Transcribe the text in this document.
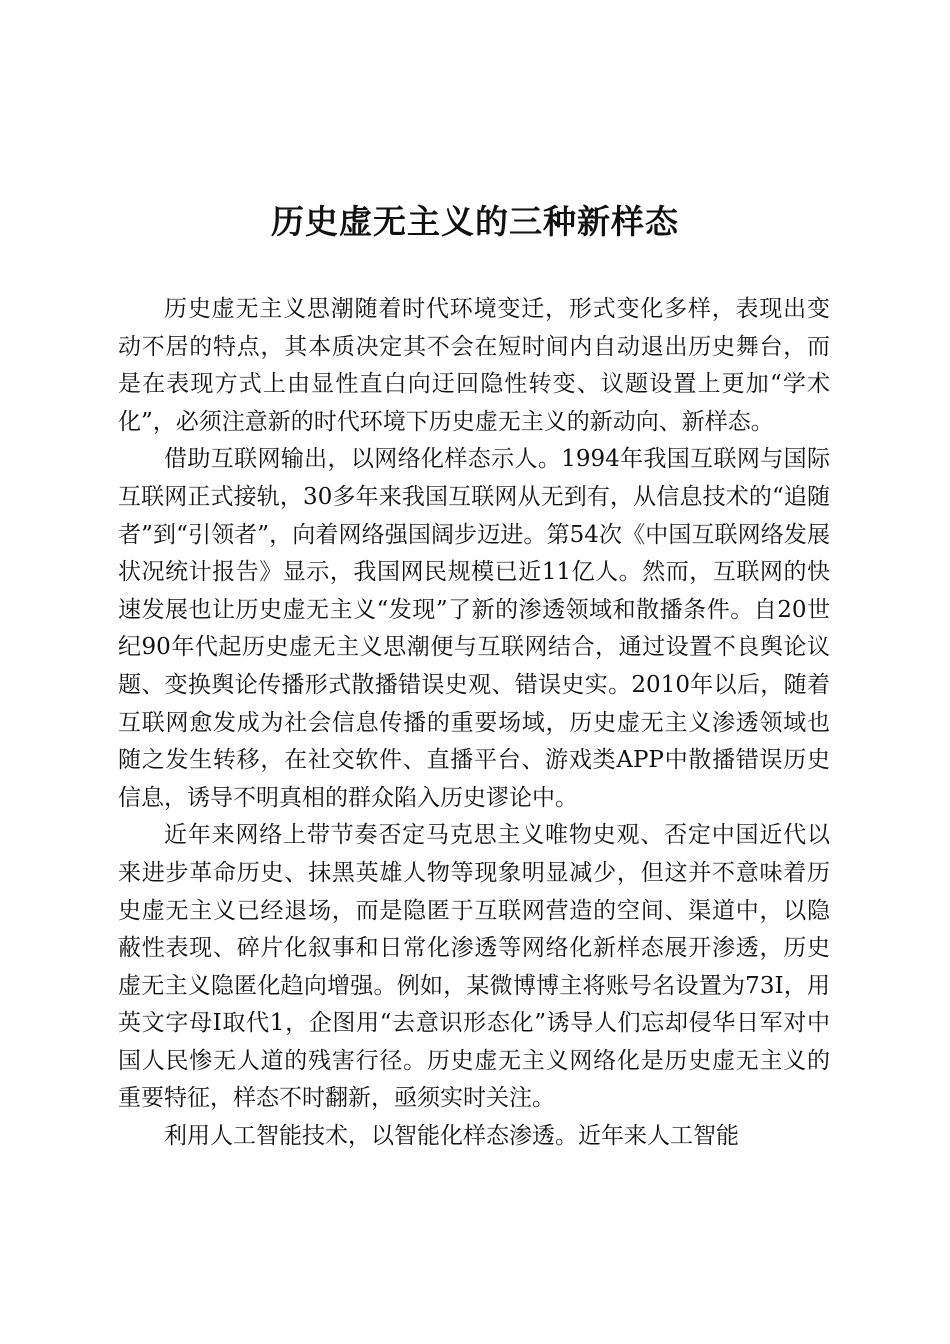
历史虚无主义的三种新样态

历史虚无主义思潮随着时代环境变迁，形式变化多样，表现出变动不居的特点，其本质决定其不会在短时间内自动退出历史舞台，而是在表现方式上由显性直白向迂回隐性转变、议题设置上更加“学术化”，必须注意新的时代环境下历史虚无主义的新动向、新样态。

借助互联网输出，以网络化样态示人。1994年我国互联网与国际互联网正式接轨，30多年来我国互联网从无到有，从信息技术的“追随者”到“引领者”，向着网络强国阔步迈进。第54次《中国互联网络发展状况统计报告》显示，我国网民规模已近11亿人。然而，互联网的快速发展也让历史虚无主义“发现”了新的渗透领域和散播条件。自20世纪90年代起历史虚无主义思潮便与互联网结合，通过设置不良舆论议题、变换舆论传播形式散播错误史观、错误史实。2010年以后，随着互联网愈发成为社会信息传播的重要场域，历史虚无主义渗透领域也随之发生转移，在社交软件、直播平台、游戏类APP中散播错误历史信息，诱导不明真相的群众陷入历史谬论中。

近年来网络上带节奏否定马克思主义唯物史观、否定中国近代以来进步革命历史、抹黑英雄人物等现象明显减少，但这并不意味着历史虚无主义已经退场，而是隐匿于互联网营造的空间、渠道中，以隐蔽性表现、碎片化叙事和日常化渗透等网络化新样态展开渗透，历史虚无主义隐匿化趋向增强。例如，某微博博主将账号名设置为73I，用英文字母I取代1，企图用“去意识形态化”诱导人们忘却侵华日军对中国人民惨无人道的残害行径。历史虚无主义网络化是历史虚无主义的重要特征，样态不时翻新，亟须实时关注。

利用人工智能技术，以智能化样态渗透。近年来人工智能
